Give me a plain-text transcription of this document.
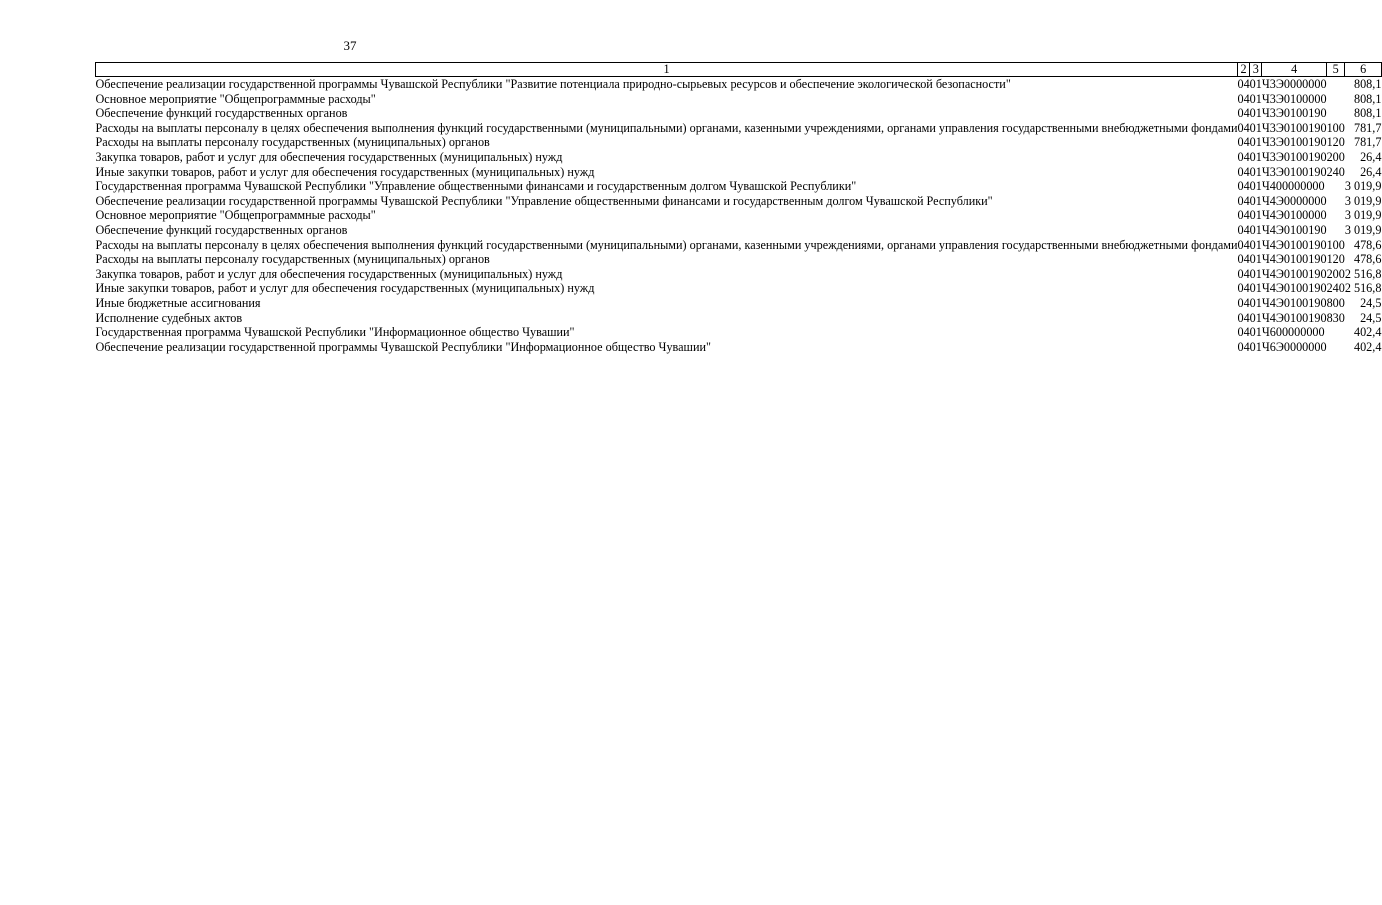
37
1	2	3	4	5	6
Обеспечение реализации государственной программы Чувашской Республики "Развитие потенциала природно-сырьевых ресурсов и обеспечение экологической безопасности"	04	01	Ч3Э0000000		808,1
Основное мероприятие "Общепрограммные расходы"	04	01	Ч3Э0100000		808,1
Обеспечение функций государственных органов	04	01	Ч3Э0100190		808,1
Расходы на выплаты персоналу в целях обеспечения выполнения функций государственными (муниципальными) органами, казенными учреждениями, органами управления государственными внебюджетными фондами	04	01	Ч3Э0100190	100	781,7
Расходы на выплаты персоналу государственных (муниципальных) органов	04	01	Ч3Э0100190	120	781,7
Закупка товаров, работ и услуг для обеспечения государственных (муниципальных) нужд	04	01	Ч3Э0100190	200	26,4
Иные закупки товаров, работ и услуг для обеспечения государственных (муниципальных) нужд	04	01	Ч3Э0100190	240	26,4
Государственная программа Чувашской Республики "Управление общественными финансами и государственным долгом Чувашской Республики"	04	01	Ч400000000		3 019,9
Обеспечение реализации государственной программы Чувашской Республики "Управление общественными финансами и государственным долгом Чувашской Республики"	04	01	Ч4Э0000000		3 019,9
Основное мероприятие "Общепрограммные расходы"	04	01	Ч4Э0100000		3 019,9
Обеспечение функций государственных органов	04	01	Ч4Э0100190		3 019,9
Расходы на выплаты персоналу в целях обеспечения выполнения функций государственными (муниципальными) органами, казенными учреждениями, органами управления государственными внебюджетными фондами	04	01	Ч4Э0100190	100	478,6
Расходы на выплаты персоналу государственных (муниципальных) органов	04	01	Ч4Э0100190	120	478,6
Закупка товаров, работ и услуг для обеспечения государственных (муниципальных) нужд	04	01	Ч4Э0100190	200	2 516,8
Иные закупки товаров, работ и услуг для обеспечения государственных (муниципальных) нужд	04	01	Ч4Э0100190	240	2 516,8
Иные бюджетные ассигнования	04	01	Ч4Э0100190	800	24,5
Исполнение судебных актов	04	01	Ч4Э0100190	830	24,5
Государственная программа Чувашской Республики "Информационное общество Чувашии"	04	01	Ч600000000		402,4
Обеспечение реализации государственной программы Чувашской Республики "Информационное общество Чувашии"	04	01	Ч6Э0000000		402,4
